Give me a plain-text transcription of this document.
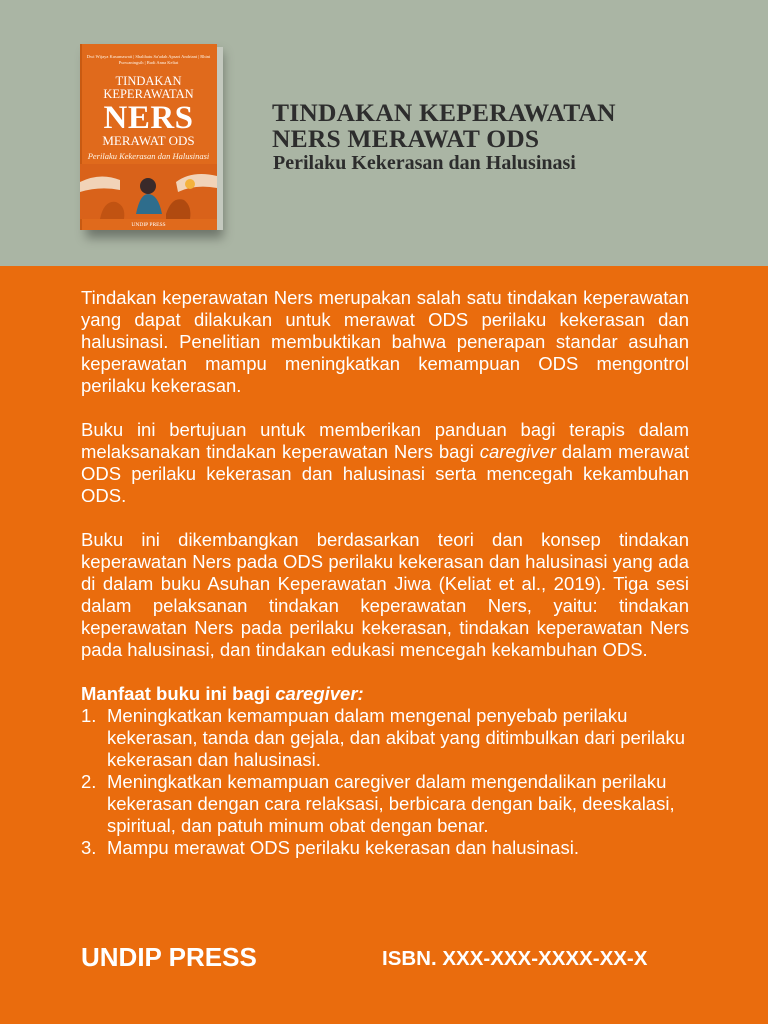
Dwi Wijaya Kusumawati | Shalihatu Sa'adah Apsari Andriani | Rhini Purwaningsih | Budi Anna Keliat

TINDAKAN KEPERAWATAN

NERS

MERAWAT ODS

Perilaku Kekerasan dan Halusinasi

UNDIP PRESS

TINDAKAN KEPERAWATAN
NERS MERAWAT ODS
Perilaku Kekerasan dan Halusinasi

Tindakan keperawatan Ners merupakan salah satu tindakan keperawatan yang dapat dilakukan untuk merawat ODS perilaku kekerasan dan halusinasi. Penelitian membuktikan bahwa penerapan standar asuhan keperawatan mampu meningkatkan kemampuan ODS mengontrol perilaku kekerasan.

Buku ini bertujuan untuk memberikan panduan bagi terapis dalam melaksanakan tindakan keperawatan Ners bagi caregiver dalam merawat ODS perilaku kekerasan dan halusinasi serta mencegah kekambuhan ODS.

Buku ini dikembangkan berdasarkan teori dan konsep tindakan keperawatan Ners pada ODS perilaku kekerasan dan halusinasi yang ada di dalam buku Asuhan Keperawatan Jiwa (Keliat et al., 2019). Tiga sesi dalam pelaksanan tindakan keperawatan Ners, yaitu: tindakan keperawatan Ners pada perilaku kekerasan, tindakan keperawatan Ners pada halusinasi, dan tindakan edukasi mencegah kekambuhan ODS.

Manfaat buku ini bagi caregiver:

1. Meningkatkan kemampuan dalam mengenal penyebab perilaku kekerasan, tanda dan gejala, dan akibat yang ditimbulkan dari perilaku kekerasan dan halusinasi.
2. Meningkatkan kemampuan caregiver dalam mengendalikan perilaku kekerasan dengan cara relaksasi, berbicara dengan baik, deeskalasi, spiritual, dan patuh minum obat dengan benar.
3. Mampu merawat ODS perilaku kekerasan dan halusinasi.

UNDIP PRESS	ISBN. XXX-XXX-XXXX-XX-X
